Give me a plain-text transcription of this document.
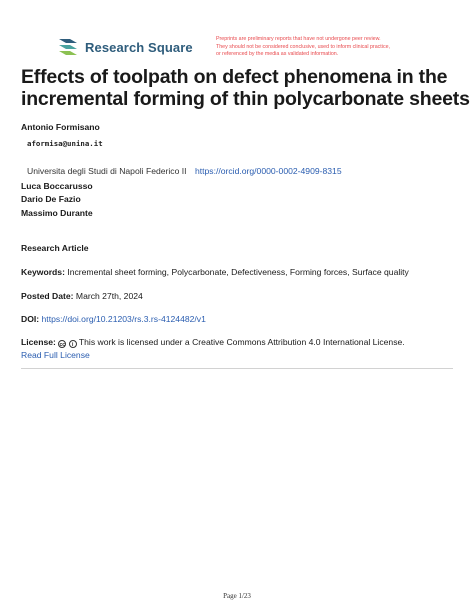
Research Square
Preprints are preliminary reports that have not undergone peer review.
They should not be considered conclusive, used to inform clinical practice,
or referenced by the media as validated information.
Effects of toolpath on defect phenomena in the
incremental forming of thin polycarbonate sheets
Antonio Formisano
aformisa@unina.it
Universita degli Studi di Napoli Federico II https://orcid.org/0000-0002-4909-8315
Luca Boccarusso
Dario De Fazio
Massimo Durante
Research Article
Keywords: Incremental sheet forming, Polycarbonate, Defectiveness, Forming forces, Surface quality
Posted Date: March 27th, 2024
DOI: https://doi.org/10.21203/rs.3.rs-4124482/v1
License: cc i This work is licensed under a Creative Commons Attribution 4.0 International License.
Read Full License
Page 1/23
